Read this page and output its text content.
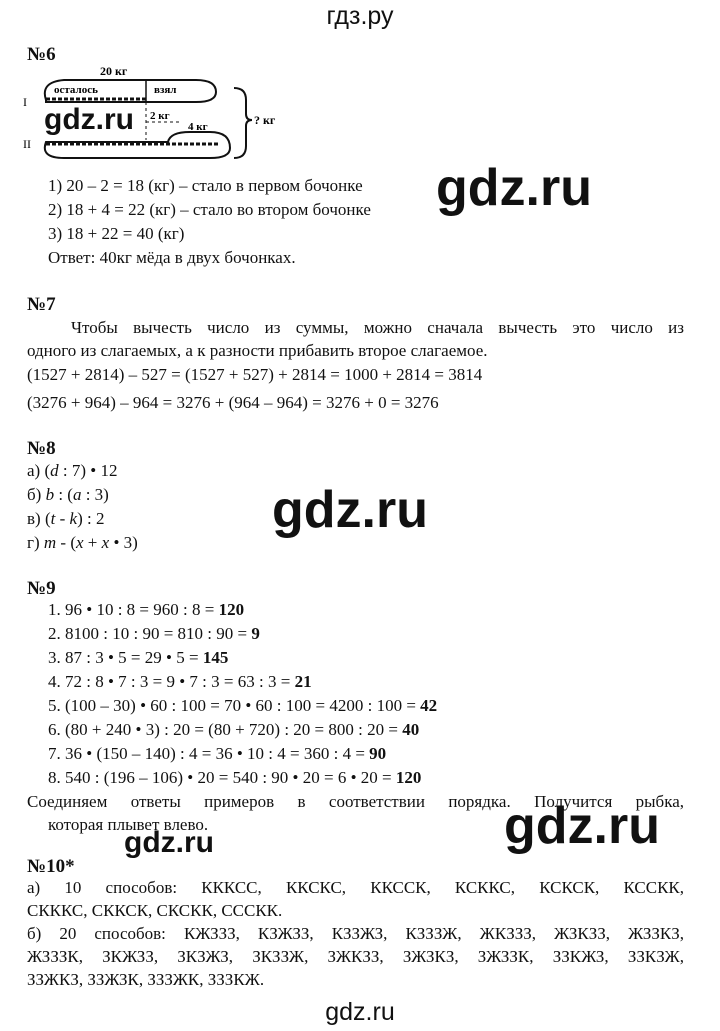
гдз.ру
№6
20 кг
I
II
осталось	взял
2 кг
4 кг	? кг
gdz.ru
1) 20 – 2 = 18 (кг) – стало в первом бочонке
2) 18 + 4 = 22 (кг) – стало во втором бочонке
3) 18 + 22 = 40 (кг)
Ответ: 40кг мёда в двух бочонках.
gdz.ru
№7
Чтобы вычесть число из суммы, можно сначала вычесть это число из
одного из слагаемых, а к разности прибавить второе слагаемое.
(1527 + 2814) – 527 = (1527 + 527) + 2814 = 1000 + 2814 = 3814
(3276 + 964) – 964 = 3276 + (964 – 964) = 3276 + 0 = 3276
№8
а) (d : 7) • 12
б) b : (a : 3)
в) (t - k) : 2
г) m - (x + x • 3)
gdz.ru
№9
1. 96 • 10 : 8 = 960 : 8 = 120
2. 8100 : 10 : 90 = 810 : 90 = 9
3. 87 : 3 • 5 = 29 • 5 = 145
4. 72 : 8 • 7 : 3 = 9 • 7 : 3 = 63 : 3 = 21
5. (100 – 30) • 60 : 100 = 70 • 60 : 100 = 4200 : 100 = 42
6. (80 + 240 • 3) : 20 = (80 + 720) : 20 = 800 : 20 = 40
7. 36 • (150 – 140) : 4 = 36 • 10 : 4 = 360 : 4 = 90
8. 540 : (196 – 106) • 20 = 540 : 90 • 20 = 6 • 20 = 120
Соединяем ответы примеров в соответствии порядка. Получится рыбка,
которая плывет влево.
gdz.ru	gdz.ru
№10*
а) 10 способов: КККСС, ККСКС, ККССК, КСККС, КСКСК, КССКК,
СКККС, СККСК, СКСКК, СССКК.
б) 20 способов: КЖЗЗЗ, КЗЖЗЗ, КЗЗЖЗ, КЗЗЗЖ, ЖКЗЗЗ, ЖЗКЗЗ, ЖЗЗКЗ,
ЖЗЗЗК, ЗКЖЗЗ, ЗКЗЖЗ, ЗКЗЗЖ, ЗЖКЗЗ, ЗЖЗКЗ, ЗЖЗЗК, ЗЗКЖЗ, ЗЗКЗЖ,
ЗЗЖКЗ, ЗЗЖЗК, ЗЗЗЖК, ЗЗЗКЖ.
gdz.ru
